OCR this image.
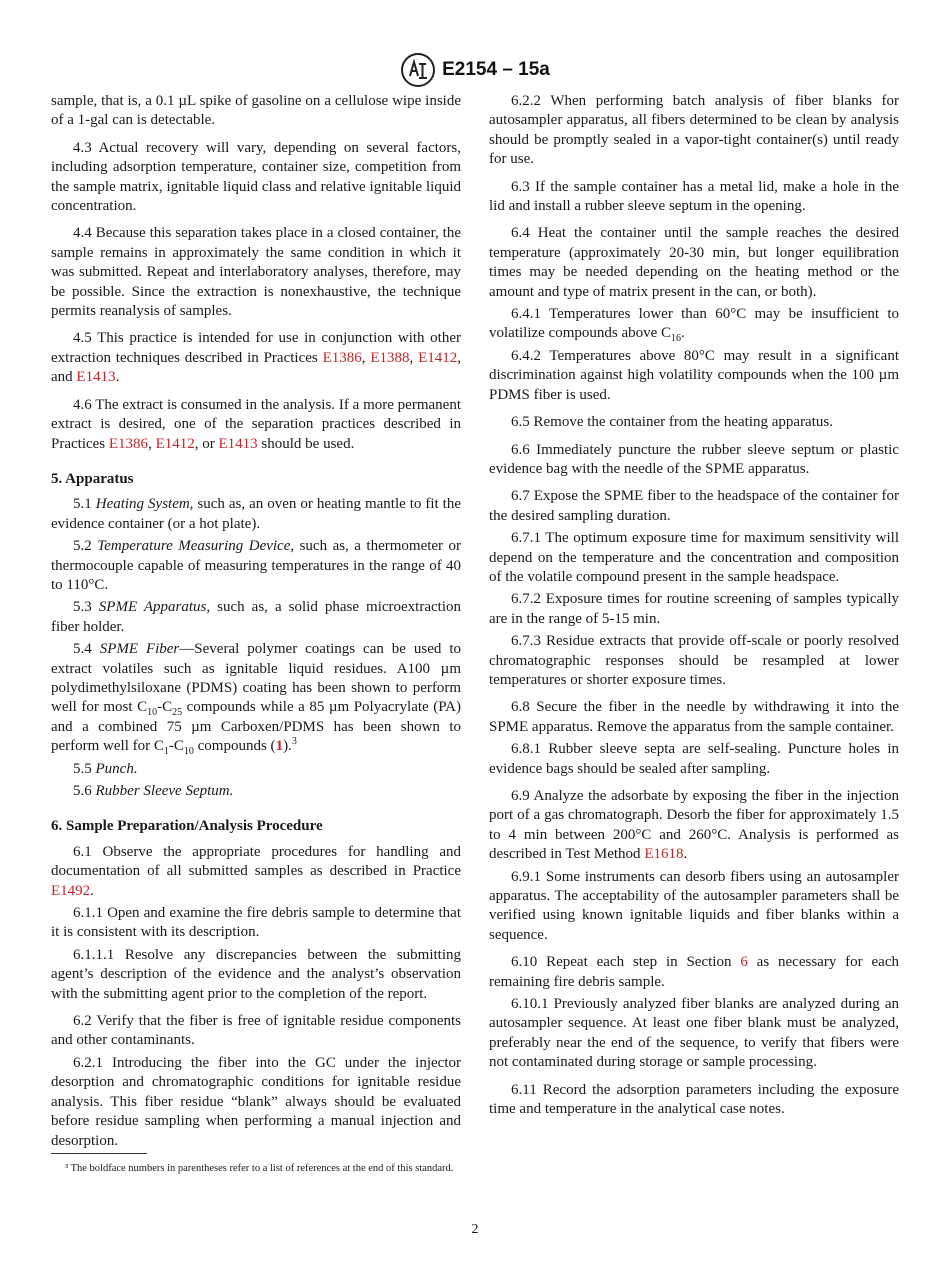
E2154 – 15a

sample, that is, a 0.1 µL spike of gasoline on a cellulose wipe inside of a 1-gal can is detectable.

4.3 Actual recovery will vary, depending on several factors, including adsorption temperature, container size, competition from the sample matrix, ignitable liquid class and relative ignitable liquid concentration.

4.4 Because this separation takes place in a closed container, the sample remains in approximately the same condition in which it was submitted. Repeat and interlaboratory analyses, therefore, may be possible. Since the extraction is nonexhaustive, the technique permits reanalysis of samples.

4.5 This practice is intended for use in conjunction with other extraction techniques described in Practices E1386, E1388, E1412, and E1413.

4.6 The extract is consumed in the analysis. If a more permanent extract is desired, one of the separation practices described in Practices E1386, E1412, or E1413 should be used.

5. Apparatus

5.1 Heating System, such as, an oven or heating mantle to fit the evidence container (or a hot plate).

5.2 Temperature Measuring Device, such as, a thermometer or thermocouple capable of measuring temperatures in the range of 40 to 110°C.

5.3 SPME Apparatus, such as, a solid phase microextraction fiber holder.

5.4 SPME Fiber—Several polymer coatings can be used to extract volatiles such as ignitable liquid residues. A100 µm polydimethylsiloxane (PDMS) coating has been shown to perform well for most $C_{10}-C_{25}$ compounds while a 85 µm Polyacrylate (PA) and a combined 75 µm Carboxen/PDMS has been shown to perform well for $C_1-C_{10}$ compounds (1).$^3$

5.5 Punch.

5.6 Rubber Sleeve Septum.

6. Sample Preparation/Analysis Procedure

6.1 Observe the appropriate procedures for handling and documentation of all submitted samples as described in Practice E1492.

6.1.1 Open and examine the fire debris sample to determine that it is consistent with its description.

6.1.1.1 Resolve any discrepancies between the submitting agent’s description of the evidence and the analyst’s observation with the submitting agent prior to the completion of the report.

6.2 Verify that the fiber is free of ignitable residue components and other contaminants.

6.2.1 Introducing the fiber into the GC under the injector desorption and chromatographic conditions for ignitable residue analysis. This fiber residue “blank” always should be evaluated before residue sampling when performing a manual injection and desorption.

6.2.2 When performing batch analysis of fiber blanks for autosampler apparatus, all fibers determined to be clean by analysis should be promptly sealed in a vapor-tight container(s) until ready for use.

6.3 If the sample container has a metal lid, make a hole in the lid and install a rubber sleeve septum in the opening.

6.4 Heat the container until the sample reaches the desired temperature (approximately 20-30 min, but longer equilibration times may be needed depending on the heating method or the amount and type of matrix present in the can, or both).

6.4.1 Temperatures lower than 60°C may be insufficient to volatilize compounds above $C_{16}$.

6.4.2 Temperatures above 80°C may result in a significant discrimination against high volatility compounds when the 100 µm PDMS fiber is used.

6.5 Remove the container from the heating apparatus.

6.6 Immediately puncture the rubber sleeve septum or plastic evidence bag with the needle of the SPME apparatus.

6.7 Expose the SPME fiber to the headspace of the container for the desired sampling duration.

6.7.1 The optimum exposure time for maximum sensitivity will depend on the temperature and the concentration and composition of the volatile compound present in the sample headspace.

6.7.2 Exposure times for routine screening of samples typically are in the range of 5-15 min.

6.7.3 Residue extracts that provide off-scale or poorly resolved chromatographic responses should be resampled at lower temperatures or shorter exposure times.

6.8 Secure the fiber in the needle by withdrawing it into the SPME apparatus. Remove the apparatus from the sample container.

6.8.1 Rubber sleeve septa are self-sealing. Puncture holes in evidence bags should be sealed after sampling.

6.9 Analyze the adsorbate by exposing the fiber in the injection port of a gas chromatograph. Desorb the fiber for approximately 1.5 to 4 min between 200°C and 260°C. Analysis is performed as described in Test Method E1618.

6.9.1 Some instruments can desorb fibers using an autosampler apparatus. The acceptability of the autosampler parameters shall be verified using known ignitable liquids and fiber blanks within a sequence.

6.10 Repeat each step in Section 6 as necessary for each remaining fire debris sample.

6.10.1 Previously analyzed fiber blanks are analyzed during an autosampler sequence. At least one fiber blank must be analyzed, preferably near the end of the sequence, to verify that fibers were not contaminated during storage or sample processing.

6.11 Record the adsorption parameters including the exposure time and temperature in the analytical case notes.

³ The boldface numbers in parentheses refer to a list of references at the end of this standard.

2
